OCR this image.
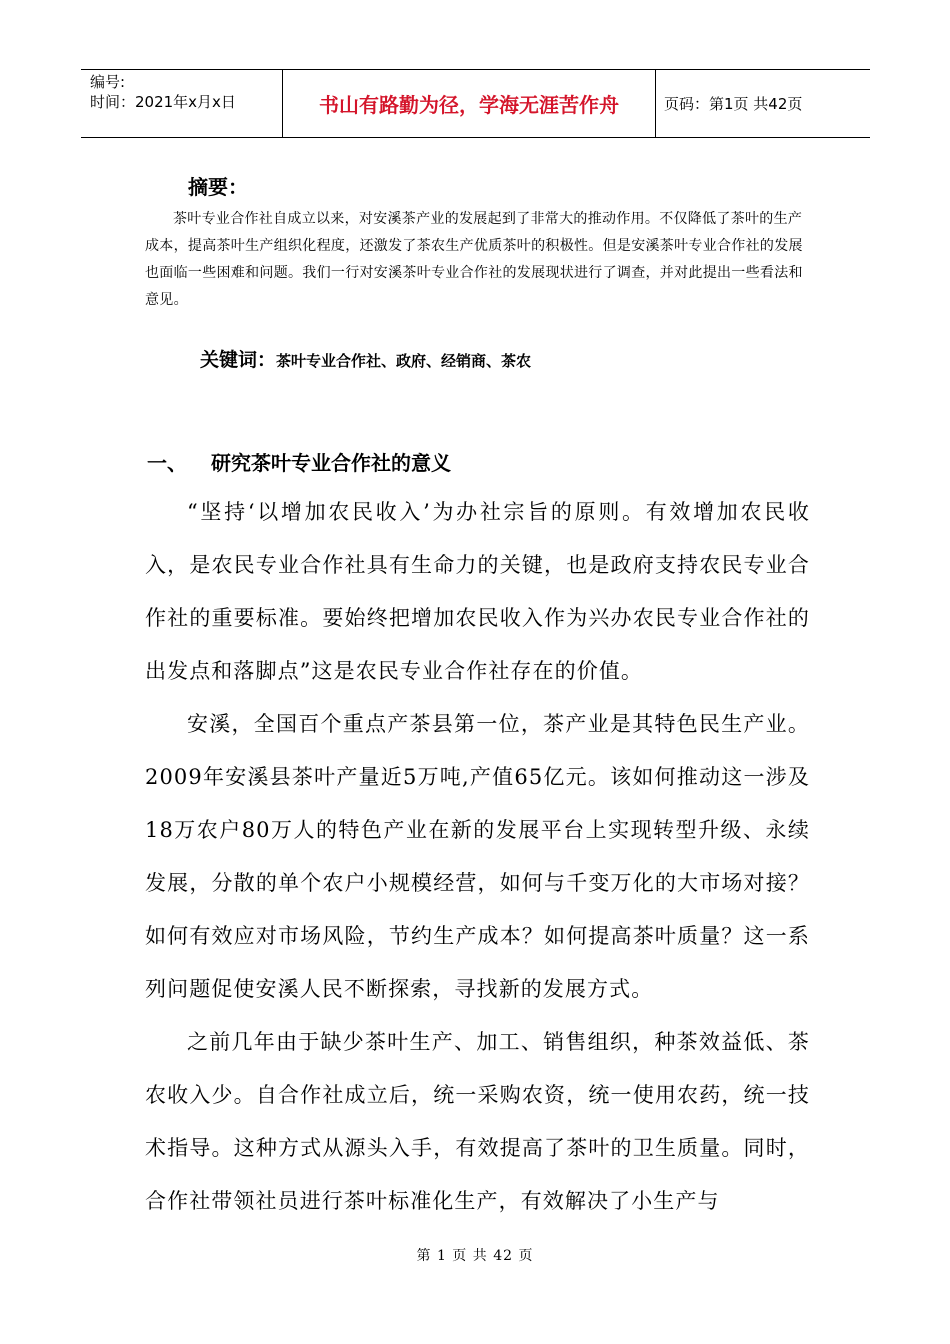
编号:
时间：2021年x月x日	书山有路勤为径，学海无涯苦作舟	页码：第1页 共42页
摘要：
茶叶专业合作社自成立以来，对安溪茶产业的发展起到了非常大的推动作用。不仅降低了茶叶的生产成本，提高茶叶生产组织化程度，还激发了茶农生产优质茶叶的积极性。但是安溪茶叶专业合作社的发展也面临一些困难和问题。我们一行对安溪茶叶专业合作社的发展现状进行了调查，并对此提出一些看法和意见。
关键词：茶叶专业合作社、政府、经销商、茶农
一、 研究茶叶专业合作社的意义

“坚持‘以增加农民收入’为办社宗旨的原则。有效增加农民收入，是农民专业合作社具有生命力的关键，也是政府支持农民专业合作社的重要标准。要始终把增加农民收入作为兴办农民专业合作社的出发点和落脚点”这是农民专业合作社存在的价值。

安溪，全国百个重点产茶县第一位，茶产业是其特色民生产业。2009年安溪县茶叶产量近5万吨,产值65亿元。该如何推动这一涉及18万农户80万人的特色产业在新的发展平台上实现转型升级、永续发展，分散的单个农户小规模经营，如何与千变万化的大市场对接？如何有效应对市场风险，节约生产成本？如何提高茶叶质量？这一系列问题促使安溪人民不断探索，寻找新的发展方式。

之前几年由于缺少茶叶生产、加工、销售组织，种茶效益低、茶农收入少。自合作社成立后，统一采购农资，统一使用农药，统一技术指导。这种方式从源头入手，有效提高了茶叶的卫生质量。同时，合作社带领社员进行茶叶标准化生产，有效解决了小生产与

第 1 页 共 42 页
